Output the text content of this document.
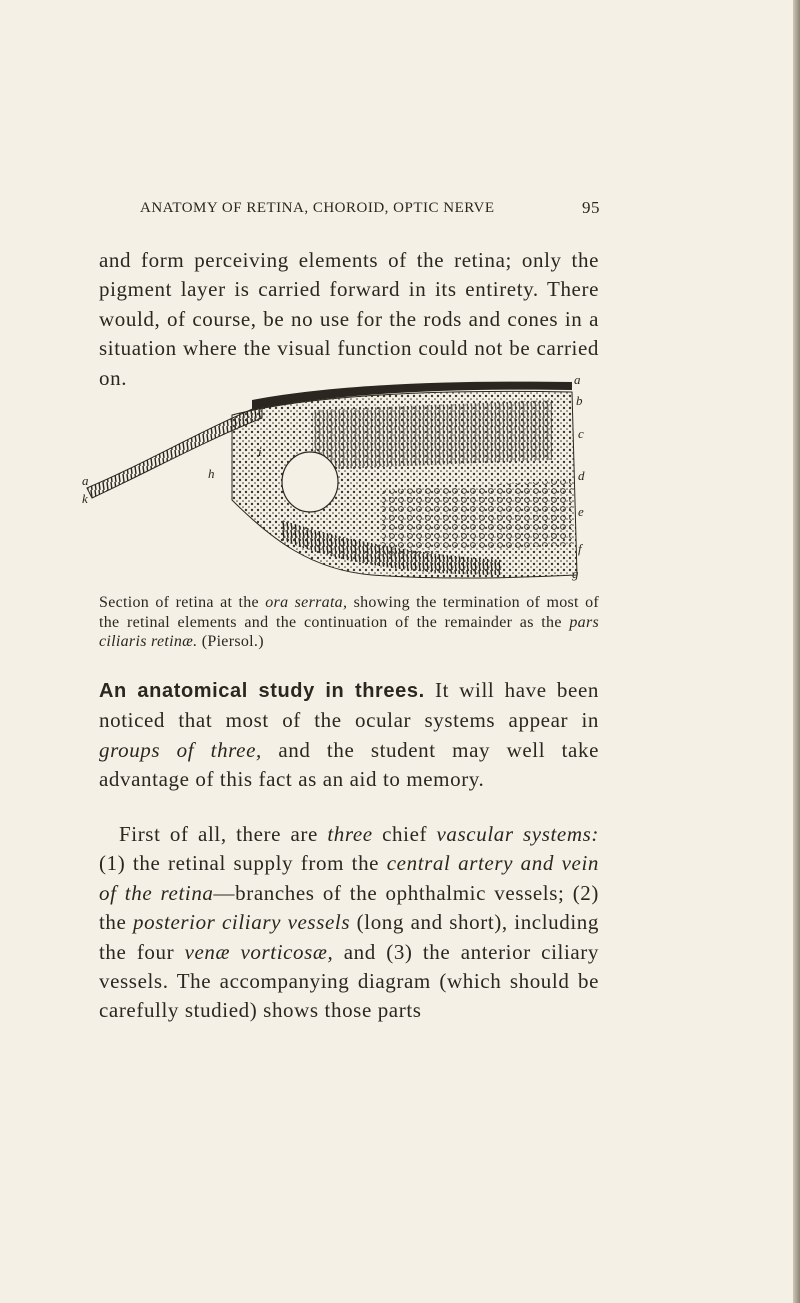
ANATOMY OF RETINA, CHOROID, OPTIC NERVE	95

and form perceiving elements of the retina; only the pigment layer is carried forward in its entirety. There would, of course, be no use for the rods and cones in a situation where the visual function could not be carried on.	a
b
c
d
e
f
g
a
k
h
i
Section of retina at the ora serrata, showing the termination of most of the retinal elements and the continuation of the remainder as the pars ciliaris retinæ. (Piersol.)

An anatomical study in threes. It will have been noticed that most of the ocular systems appear in groups of three, and the student may well take advantage of this fact as an aid to memory.

First of all, there are three chief vascular systems: (1) the retinal supply from the central artery and vein of the retina—branches of the ophthalmic vessels; (2) the posterior ciliary vessels (long and short), including the four venæ vorticosæ, and (3) the anterior ciliary vessels. The accompanying diagram (which should be carefully studied) shows those parts
